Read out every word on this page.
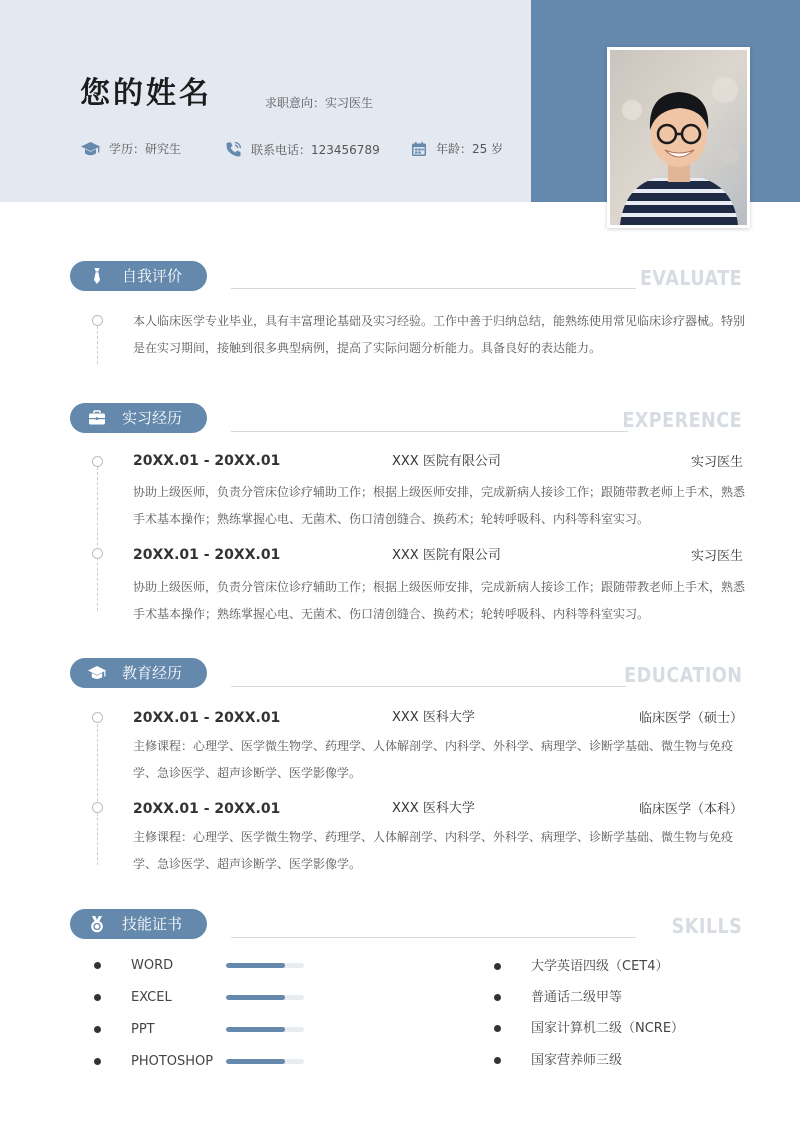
您的姓名	求职意向：实习医生
学历：研究生	联系电话：123456789	年龄：25 岁
自我评价	EVALUATE
本人临床医学专业毕业，具有丰富理论基础及实习经验。工作中善于归纳总结，能熟练使用常见临床诊疗器械。特别是在实习期间，接触到很多典型病例，提高了实际问题分析能力。具备良好的表达能力。
实习经历	EXPERENCE
20XX.01 - 20XX.01	XXX 医院有限公司	实习医生
协助上级医师，负责分管床位诊疗辅助工作；根据上级医师安排，完成新病人接诊工作；跟随带教老师上手术，熟悉手术基本操作；熟练掌握心电、无菌术、伤口清创缝合、换药术；轮转呼吸科、内科等科室实习。
20XX.01 - 20XX.01	XXX 医院有限公司	实习医生
协助上级医师，负责分管床位诊疗辅助工作；根据上级医师安排，完成新病人接诊工作；跟随带教老师上手术，熟悉手术基本操作；熟练掌握心电、无菌术、伤口清创缝合、换药术；轮转呼吸科、内科等科室实习。
教育经历	EDUCATION
20XX.01 - 20XX.01	XXX 医科大学	临床医学（硕士）
主修课程：心理学、医学微生物学、药理学、人体解剖学、内科学、外科学、病理学、诊断学基础、微生物与免疫学、急诊医学、超声诊断学、医学影像学。
20XX.01 - 20XX.01	XXX 医科大学	临床医学（本科）
主修课程：心理学、医学微生物学、药理学、人体解剖学、内科学、外科学、病理学、诊断学基础、微生物与免疫学、急诊医学、超声诊断学、医学影像学。
技能证书	SKILLS
WORD
EXCEL
PPT
PHOTOSHOP
大学英语四级（CET4）
普通话二级甲等
国家计算机二级（NCRE）
国家营养师三级
